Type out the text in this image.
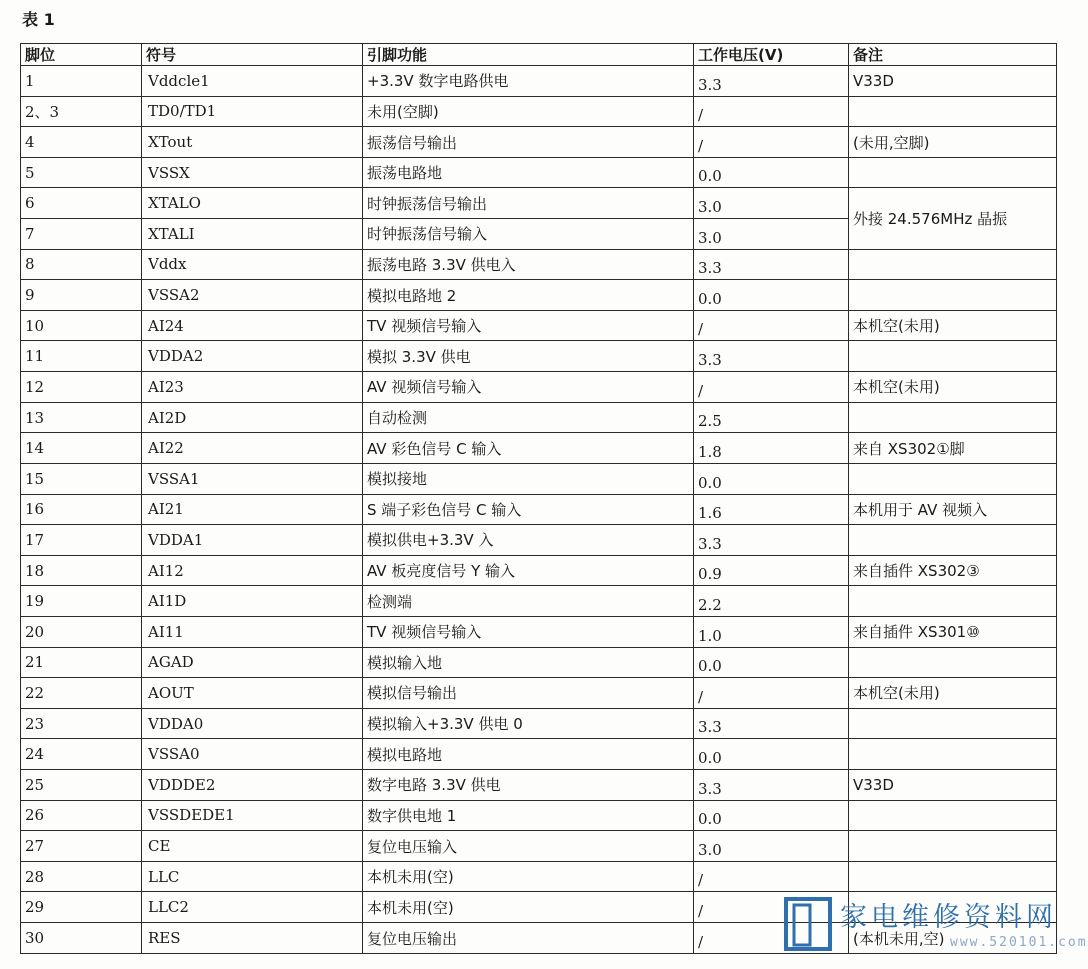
表 1
脚位	符号	引脚功能	工作电压(V)	备注
1	Vddcle1	+3.3V 数字电路供电	3.3	V33D
2、3	TD0/TD1	未用(空脚)	/	
4	XTout	振荡信号输出	/	(未用,空脚)
5	VSSX	振荡电路地	0.0	
6	XTALO	时钟振荡信号输出	3.0	外接 24.576MHz 晶振
7	XTALI	时钟振荡信号输入	3.0	
8	Vddx	振荡电路 3.3V 供电入	3.3	
9	VSSA2	模拟电路地 2	0.0	
10	AI24	TV 视频信号输入	/	本机空(未用)
11	VDDA2	模拟 3.3V 供电	3.3	
12	AI23	AV 视频信号输入	/	本机空(未用)
13	AI2D	自动检测	2.5	
14	AI22	AV 彩色信号 C 输入	1.8	来自 XS302①脚
15	VSSA1	模拟接地	0.0	
16	AI21	S 端子彩色信号 C 输入	1.6	本机用于 AV 视频入
17	VDDA1	模拟供电+3.3V 入	3.3	
18	AI12	AV 板亮度信号 Y 输入	0.9	来自插件 XS302③
19	AI1D	检测端	2.2	
20	AI11	TV 视频信号输入	1.0	来自插件 XS301⑩
21	AGAD	模拟输入地	0.0	
22	AOUT	模拟信号输出	/	本机空(未用)
23	VDDA0	模拟输入+3.3V 供电 0	3.3	
24	VSSA0	模拟电路地	0.0	
25	VDDDE2	数字电路 3.3V 供电	3.3	V33D
26	VSSDEDE1	数字供电地 1	0.0	
27	CE	复位电压输入	3.0	
28	LLC	本机未用(空)	/	
29	LLC2	本机未用(空)	/	
30	RES	复位电压输出	/	(本机未用,空)
家电维修资料网
www.520101.com
